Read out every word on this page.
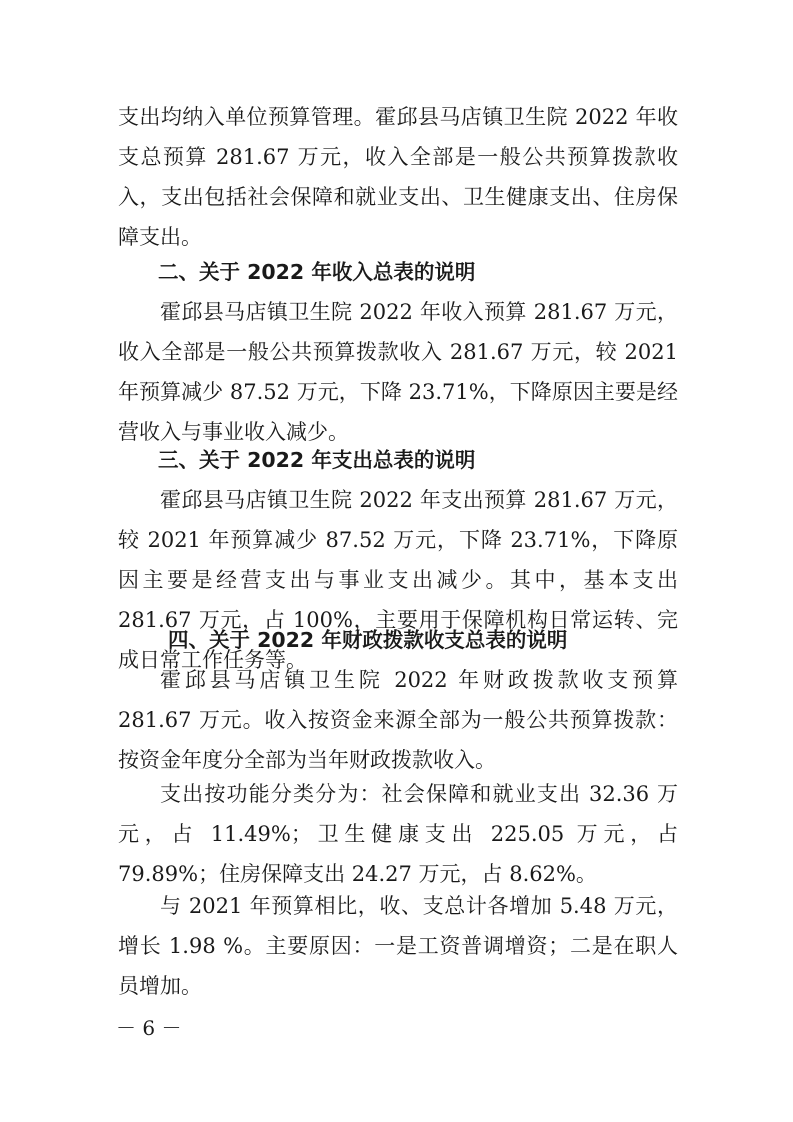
支出均纳入单位预算管理。霍邱县马店镇卫生院 2022 年收支总预算 281.67 万元，收入全部是一般公共预算拨款收入，支出包括社会保障和就业支出、卫生健康支出、住房保障支出。

二、关于 2022 年收入总表的说明

霍邱县马店镇卫生院 2022 年收入预算 281.67 万元，收入全部是一般公共预算拨款收入 281.67 万元，较 2021 年预算减少 87.52 万元，下降 23.71%，下降原因主要是经营收入与事业收入减少。

三、关于 2022 年支出总表的说明

霍邱县马店镇卫生院 2022 年支出预算 281.67 万元，较 2021 年预算减少 87.52 万元，下降 23.71%，下降原因主要是经营支出与事业支出减少。其中，基本支出 281.67 万元，占 100%，主要用于保障机构日常运转、完成日常工作任务等。

四、关于 2022 年财政拨款收支总表的说明

霍邱县马店镇卫生院 2022 年财政拨款收支预算 281.67 万元。收入按资金来源全部为一般公共预算拨款：按资金年度分全部为当年财政拨款收入。

支出按功能分类分为：社会保障和就业支出 32.36 万元，占 11.49%；卫生健康支出 225.05 万元，占 79.89%；住房保障支出 24.27 万元，占 8.62%。

与 2021 年预算相比，收、支总计各增加 5.48 万元，增长 1.98 %。主要原因：一是工资普调增资；二是在职人员增加。

－ 6 －
